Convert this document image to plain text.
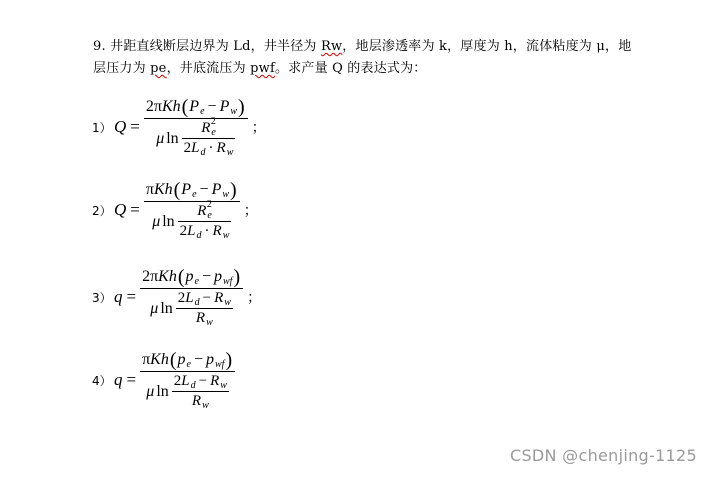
9. 井距直线断层边界为 Ld，井半径为 Rw，地层渗透率为 k，厚度为 h，流体粘度为 μ，地
层压力为 pe，井底流压为 pwf。求产量 Q 的表达式为：
1） Q = 2π Kh ( P e − P w )
μ ln R e
2
2 L d · R w ；
2） Q = π Kh ( P e − P w )
μ ln R e
2
2 L d · R w ；
3） $q = \frac{\text{2π Kh ( p e − p wf )}}{\mu \ln \frac{\text{2 L d − R w}}{\text{R w}}}$ ；
4） $q = \frac{\text{π Kh ( p e − p wf )}}{\mu \ln \frac{\text{2 L d − R w}}{\text{R w}}}$
CSDN @chenjing-1125
